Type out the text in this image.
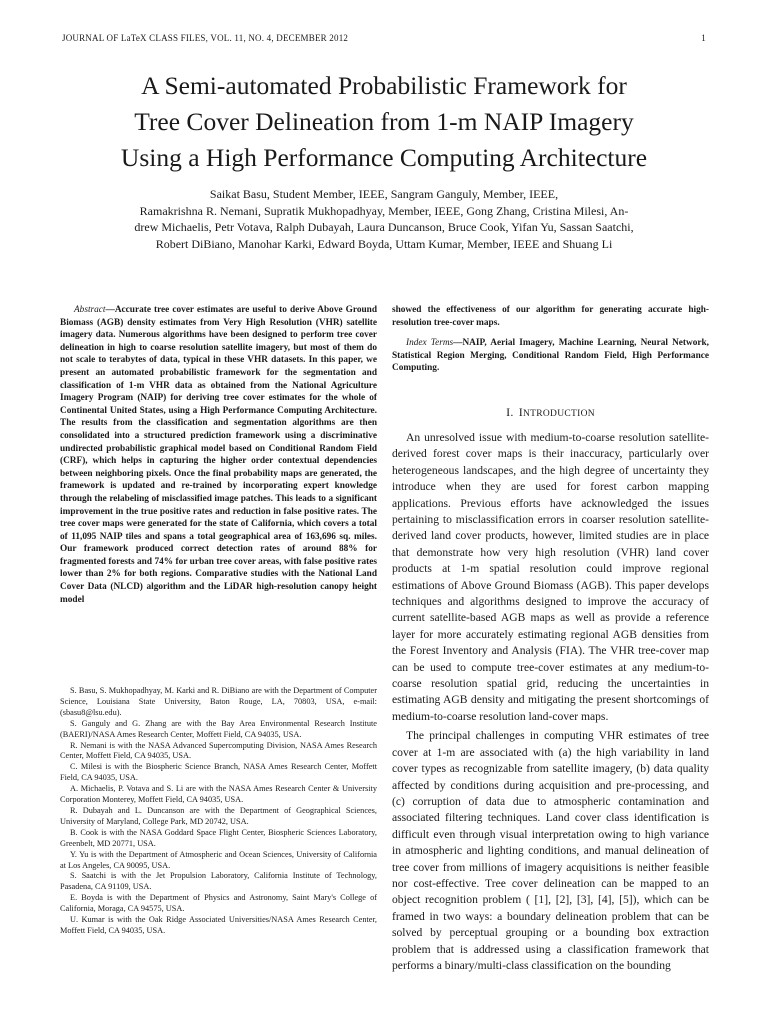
JOURNAL OF LaTeX CLASS FILES, VOL. 11, NO. 4, DECEMBER 2012	1
A Semi-automated Probabilistic Framework for
Tree Cover Delineation from 1-m NAIP Imagery
Using a High Performance Computing Architecture
Saikat Basu, Student Member, IEEE, Sangram Ganguly, Member, IEEE,
Ramakrishna R. Nemani, Supratik Mukhopadhyay, Member, IEEE, Gong Zhang, Cristina Milesi, An-
drew Michaelis, Petr Votava, Ralph Dubayah, Laura Duncanson, Bruce Cook, Yifan Yu, Sassan Saatchi,
Robert DiBiano, Manohar Karki, Edward Boyda, Uttam Kumar, Member, IEEE and Shuang Li

Abstract—Accurate tree cover estimates are useful to derive Above Ground Biomass (AGB) density estimates from Very High Resolution (VHR) satellite imagery data. Numerous algorithms have been designed to perform tree cover delineation in high to coarse resolution satellite imagery, but most of them do not scale to terabytes of data, typical in these VHR datasets. In this paper, we present an automated probabilistic framework for the segmentation and classification of 1-m VHR data as obtained from the National Agriculture Imagery Program (NAIP) for deriving tree cover estimates for the whole of Continental United States, using a High Performance Computing Architecture. The results from the classification and segmentation algorithms are then consolidated into a structured prediction framework using a discriminative undirected probabilistic graphical model based on Conditional Random Field (CRF), which helps in capturing the higher order contextual dependencies between neighboring pixels. Once the final probability maps are generated, the framework is updated and re-trained by incorporating expert knowledge through the relabeling of misclassified image patches. This leads to a significant improvement in the true positive rates and reduction in false positive rates. The tree cover maps were generated for the state of California, which covers a total of 11,095 NAIP tiles and spans a total geographical area of 163,696 sq. miles. Our framework produced correct detection rates of around 88% for fragmented forests and 74% for urban tree cover areas, with false positive rates lower than 2% for both regions. Comparative studies with the National Land Cover Data (NLCD) algorithm and the LiDAR high-resolution canopy height model

S. Basu, S. Mukhopadhyay, M. Karki and R. DiBiano are with the Department of Computer Science, Louisiana State University, Baton Rouge, LA, 70803, USA, e-mail: (sbasu8@lsu.edu).

S. Ganguly and G. Zhang are with the Bay Area Environmental Research Institute (BAERI)/NASA Ames Research Center, Moffett Field, CA 94035, USA.

R. Nemani is with the NASA Advanced Supercomputing Division, NASA Ames Research Center, Moffett Field, CA 94035, USA.

C. Milesi is with the Biospheric Science Branch, NASA Ames Research Center, Moffett Field, CA 94035, USA.

A. Michaelis, P. Votava and S. Li are with the NASA Ames Research Center & University Corporation Monterey, Moffett Field, CA 94035, USA.

R. Dubayah and L. Duncanson are with the Department of Geographical Sciences, University of Maryland, College Park, MD 20742, USA.

B. Cook is with the NASA Goddard Space Flight Center, Biospheric Sciences Laboratory, Greenbelt, MD 20771, USA.

Y. Yu is with the Department of Atmospheric and Ocean Sciences, University of California at Los Angeles, CA 90095, USA.

S. Saatchi is with the Jet Propulsion Laboratory, California Institute of Technology, Pasadena, CA 91109, USA.

E. Boyda is with the Department of Physics and Astronomy, Saint Mary's College of California, Moraga, CA 94575, USA.

U. Kumar is with the Oak Ridge Associated Universities/NASA Ames Research Center, Moffett Field, CA 94035, USA.

showed the effectiveness of our algorithm for generating accurate high-resolution tree-cover maps.

Index Terms—NAIP, Aerial Imagery, Machine Learning, Neural Network, Statistical Region Merging, Conditional Random Field, High Performance Computing.

I. INTRODUCTION

An unresolved issue with medium-to-coarse resolution satellite-derived forest cover maps is their inaccuracy, particularly over heterogeneous landscapes, and the high degree of uncertainty they introduce when they are used for forest carbon mapping applications. Previous efforts have acknowledged the issues pertaining to misclassification errors in coarser resolution satellite-derived land cover products, however, limited studies are in place that demonstrate how very high resolution (VHR) land cover products at 1-m spatial resolution could improve regional estimations of Above Ground Biomass (AGB). This paper develops techniques and algorithms designed to improve the accuracy of current satellite-based AGB maps as well as provide a reference layer for more accurately estimating regional AGB densities from the Forest Inventory and Analysis (FIA). The VHR tree-cover map can be used to compute tree-cover estimates at any medium-to-coarse resolution spatial grid, reducing the uncertainties in estimating AGB density and mitigating the present shortcomings of medium-to-coarse resolution land-cover maps.

The principal challenges in computing VHR estimates of tree cover at 1-m are associated with (a) the high variability in land cover types as recognizable from satellite imagery, (b) data quality affected by conditions during acquisition and pre-processing, and (c) corruption of data due to atmospheric contamination and associated filtering techniques. Land cover class identification is difficult even through visual interpretation owing to high variance in atmospheric and lighting conditions, and manual delineation of tree cover from millions of imagery acquisitions is neither feasible nor cost-effective. Tree cover delineation can be mapped to an object recognition problem ( [1], [2], [3], [4], [5]), which can be framed in two ways: a boundary delineation problem that can be solved by perceptual grouping or a bounding box extraction problem that is addressed using a classification framework that performs a binary/multi-class classification on the bounding
